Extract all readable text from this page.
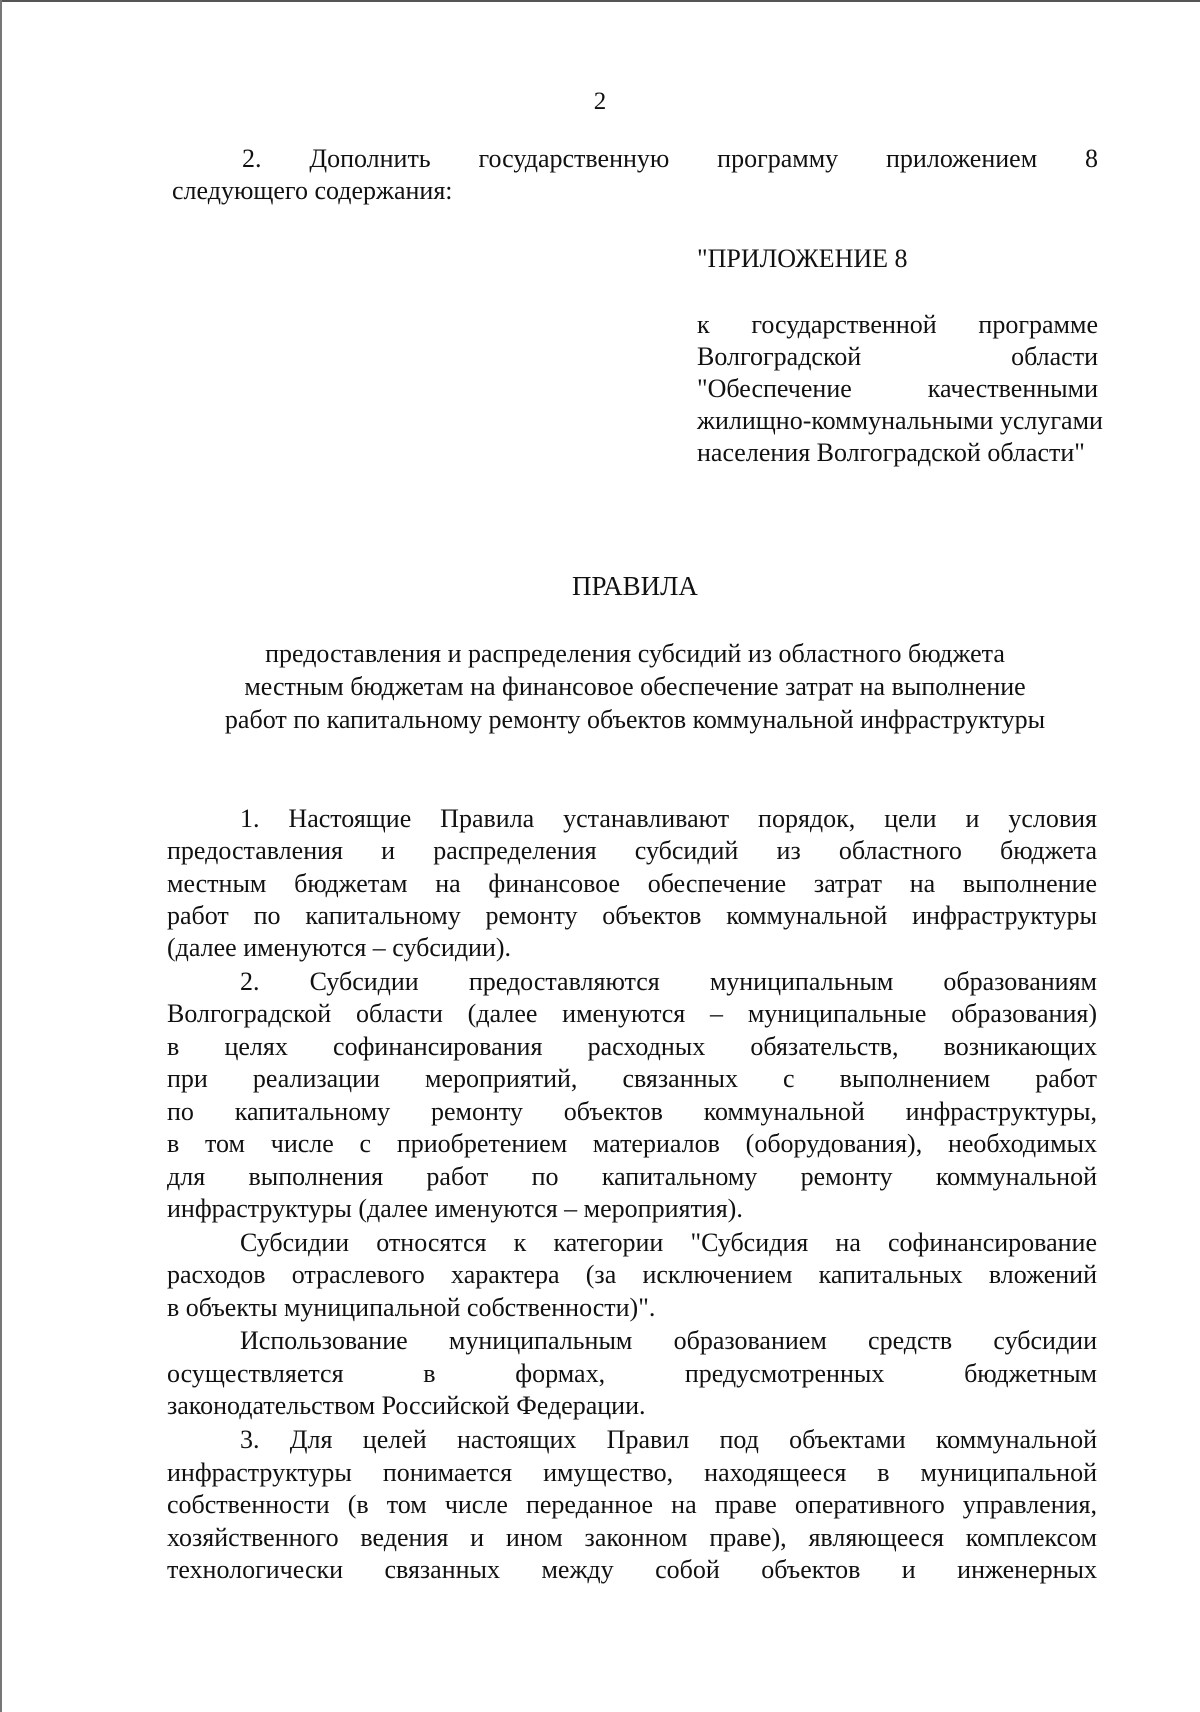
2
2. Дополнить государственную программу приложением 8
следующего содержания:
"ПРИЛОЖЕНИЕ 8
к государственной программе
Волгоградской области
"Обеспечение качественными
жилищно-коммунальными услугами
населения Волгоградской области"
ПРАВИЛА
предоставления и распределения субсидий из областного бюджета
местным бюджетам на финансовое обеспечение затрат на выполнение
работ по капитальному ремонту объектов коммунальной инфраструктуры
1. Настоящие Правила устанавливают порядок, цели и условия
предоставления и распределения субсидий из областного бюджета
местным бюджетам на финансовое обеспечение затрат на выполнение
работ по капитальному ремонту объектов коммунальной инфраструктуры
(далее именуются – субсидии).
2. Субсидии предоставляются муниципальным образованиям
Волгоградской области (далее именуются – муниципальные образования)
в целях софинансирования расходных обязательств, возникающих
при реализации мероприятий, связанных с выполнением работ
по капитальному ремонту объектов коммунальной инфраструктуры,
в том числе с приобретением материалов (оборудования), необходимых
для выполнения работ по капитальному ремонту коммунальной
инфраструктуры (далее именуются – мероприятия).
Субсидии относятся к категории "Субсидия на софинансирование
расходов отраслевого характера (за исключением капитальных вложений
в объекты муниципальной собственности)".
Использование муниципальным образованием средств субсидии
осуществляется в формах, предусмотренных бюджетным
законодательством Российской Федерации.
3. Для целей настоящих Правил под объектами коммунальной
инфраструктуры понимается имущество, находящееся в муниципальной
собственности (в том числе переданное на праве оперативного управления,
хозяйственного ведения и ином законном праве), являющееся комплексом
технологически связанных между собой объектов и инженерных
